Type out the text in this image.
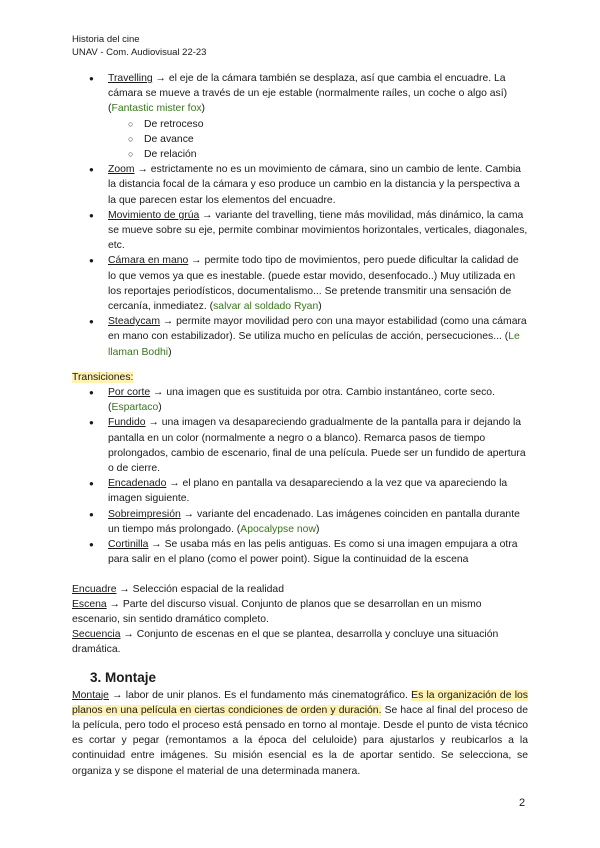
Historia del cine
UNAV - Com. Audiovisual 22-23
● Travelling → el eje de la cámara también se desplaza, así que cambia el encuadre. La cámara se mueve a través de un eje estable (normalmente raíles, un coche o algo así) (Fantastic mister fox)
○ De retroceso
○ De avance
○ De relación
● Zoom → estrictamente no es un movimiento de cámara, sino un cambio de lente. Cambia la distancia focal de la cámara y eso produce un cambio en la distancia y la perspectiva a la que parecen estar los elementos del encuadre.
● Movimiento de grúa → variante del travelling, tiene más movilidad, más dinámico, la cama se mueve sobre su eje, permite combinar movimientos horizontales, verticales, diagonales, etc.
● Cámara en mano → permite todo tipo de movimientos, pero puede dificultar la calidad de lo que vemos ya que es inestable. (puede estar movido, desenfocado..) Muy utilizada en los reportajes periodísticos, documentalismo... Se pretende transmitir una sensación de cercanía, inmediatez. (salvar al soldado Ryan)
● Steadycam → permite mayor movilidad pero con una mayor estabilidad (como una cámara en mano con estabilizador). Se utiliza mucho en películas de acción, persecuciones... (Le llaman Bodhi)
Transiciones:
● Por corte → una imagen que es sustituida por otra. Cambio instantáneo, corte seco. (Espartaco)
● Fundido → una imagen va desapareciendo gradualmente de la pantalla para ir dejando la pantalla en un color (normalmente a negro o a blanco). Remarca pasos de tiempo prolongados, cambio de escenario, final de una película. Puede ser un fundido de apertura o de cierre.
● Encadenado → el plano en pantalla va desapareciendo a la vez que va apareciendo la imagen siguiente.
● Sobreimpresión → variante del encadenado. Las imágenes coinciden en pantalla durante un tiempo más prolongado. (Apocalypse now)
● Cortinilla → Se usaba más en las pelis antiguas. Es como si una imagen empujara a otra para salir en el plano (como el power point). Sigue la continuidad de la escena
Encuadre → Selección espacial de la realidad
Escena → Parte del discurso visual. Conjunto de planos que se desarrollan en un mismo escenario, sin sentido dramático completo.
Secuencia → Conjunto de escenas en el que se plantea, desarrolla y concluye una situación dramática.
3. Montaje
Montaje → labor de unir planos. Es el fundamento más cinematográfico. Es la organización de los planos en una película en ciertas condiciones de orden y duración. Se hace al final del proceso de la película, pero todo el proceso está pensado en torno al montaje. Desde el punto de vista técnico es cortar y pegar (remontamos a la época del celuloide) para ajustarlos y reubicarlos a la continuidad entre imágenes. Su misión esencial es la de aportar sentido. Se selecciona, se organiza y se dispone el material de una determinada manera.
2
